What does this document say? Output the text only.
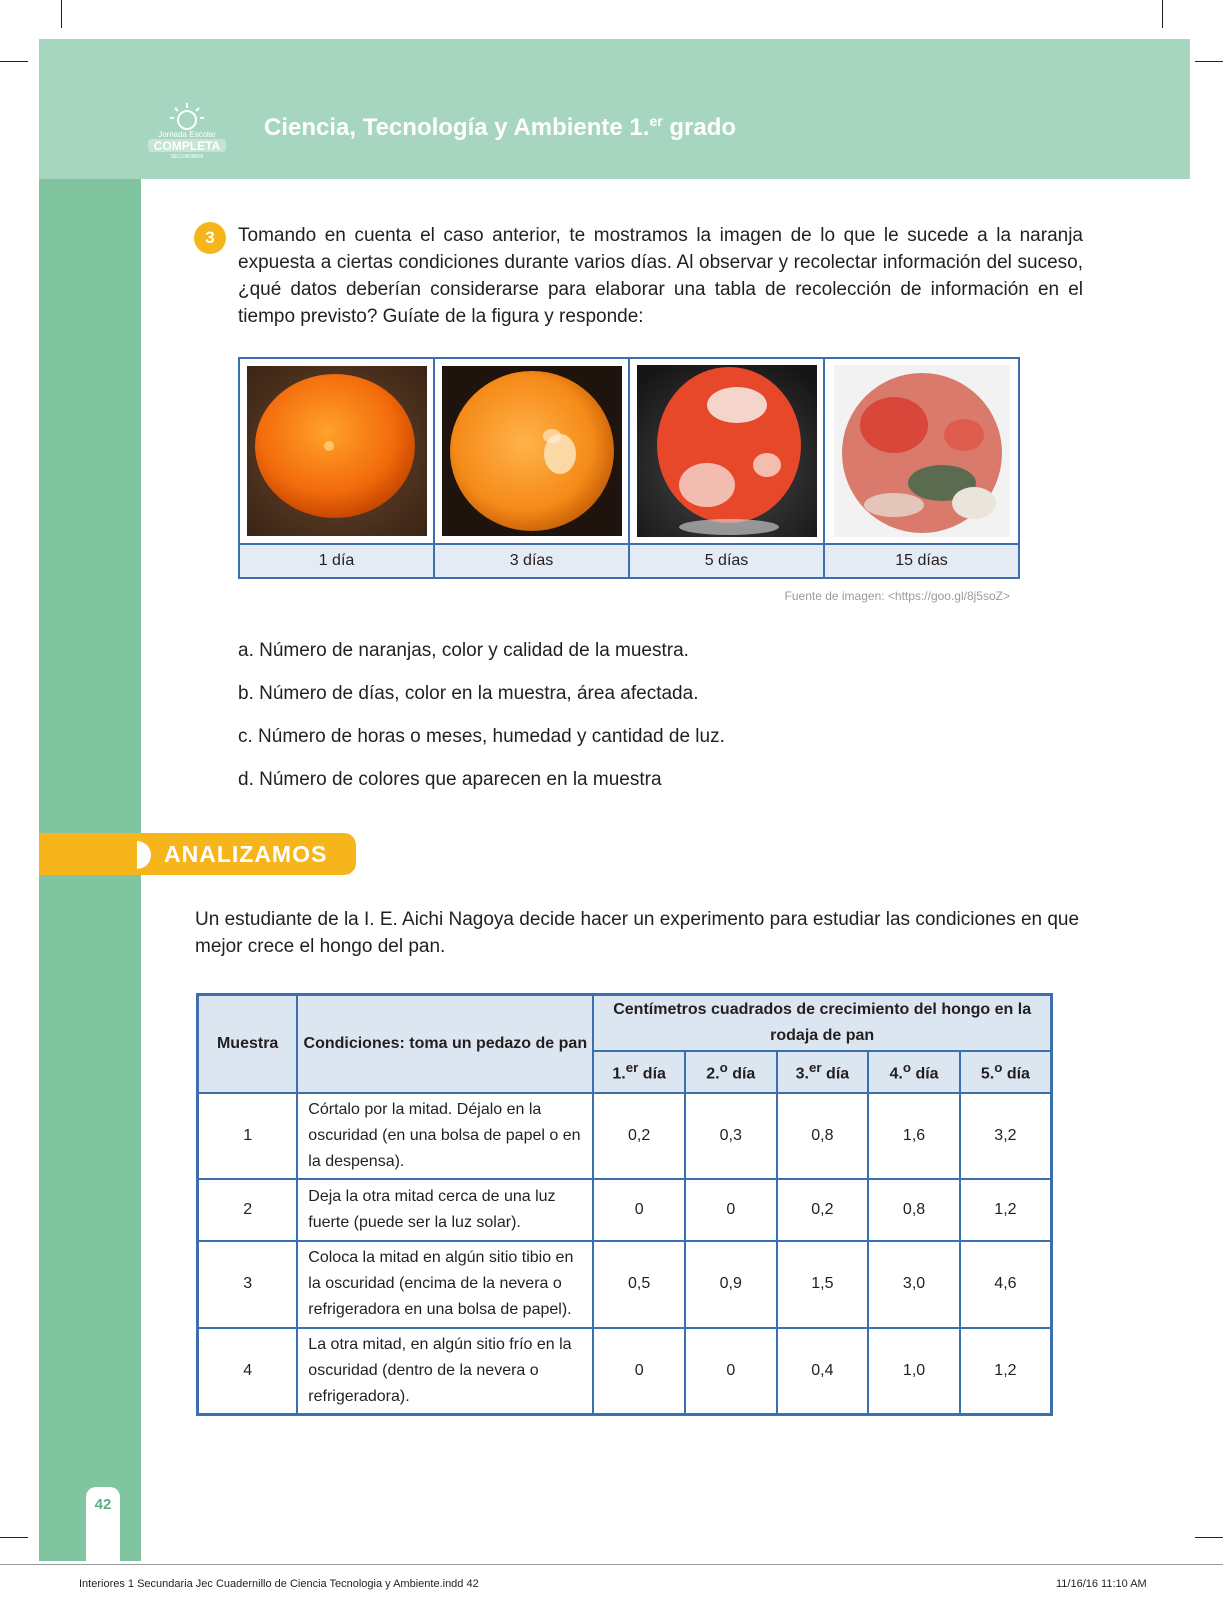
Jornada Escolar
COMPLETA
SECUNDARIA
Ciencia, Tecnología y Ambiente 1.$^{er}$ grado
42
3	Tomando en cuenta el caso anterior, te mostramos la imagen de lo que le sucede a la naranja expuesta a ciertas condiciones durante varios días. Al observar y recolectar información del suceso, ¿qué datos deberían considerarse para elaborar una tabla de recolección de información en el tiempo previsto? Guíate de la figura y responde:
1 día	3 días	5 días	15 días
Fuente de imagen: <https://goo.gl/8j5soZ>
a. Número de naranjas, color y calidad de la muestra.
b. Número de días, color en la muestra, área afectada.
c. Número de horas o meses, humedad y cantidad de luz.
d. Número de colores que aparecen en la muestra
ANALIZAMOS
Un estudiante de la I. E. Aichi Nagoya decide hacer un experimento para estudiar las condiciones en que mejor crece el hongo del pan.
Muestra	Condiciones: toma un pedazo de pan	Centímetros cuadrados de crecimiento del hongo en la rodaja de pan				
		1.$^{er}$ día	2.$^o$ día	3.$^{er}$ día	4.$^o$ día	5.$^o$ día
1	Córtalo por la mitad. Déjalo en la oscuridad (en una bolsa de papel o en la despensa).	0,2	0,3	0,8	1,6	3,2
2	Deja la otra mitad cerca de una luz fuerte (puede ser la luz solar).	0	0	0,2	0,8	1,2
3	Coloca la mitad en algún sitio tibio en la oscuridad (encima de la nevera o refrigeradora en una bolsa de papel).	0,5	0,9	1,5	3,0	4,6
4	La otra mitad, en algún sitio frío en la oscuridad (dentro de la nevera o refrigeradora).	0	0	0,4	1,0	1,2
Interiores 1 Secundaria Jec Cuadernillo de Ciencia Tecnologia y Ambiente.indd 42	11/16/16 11:10 AM
